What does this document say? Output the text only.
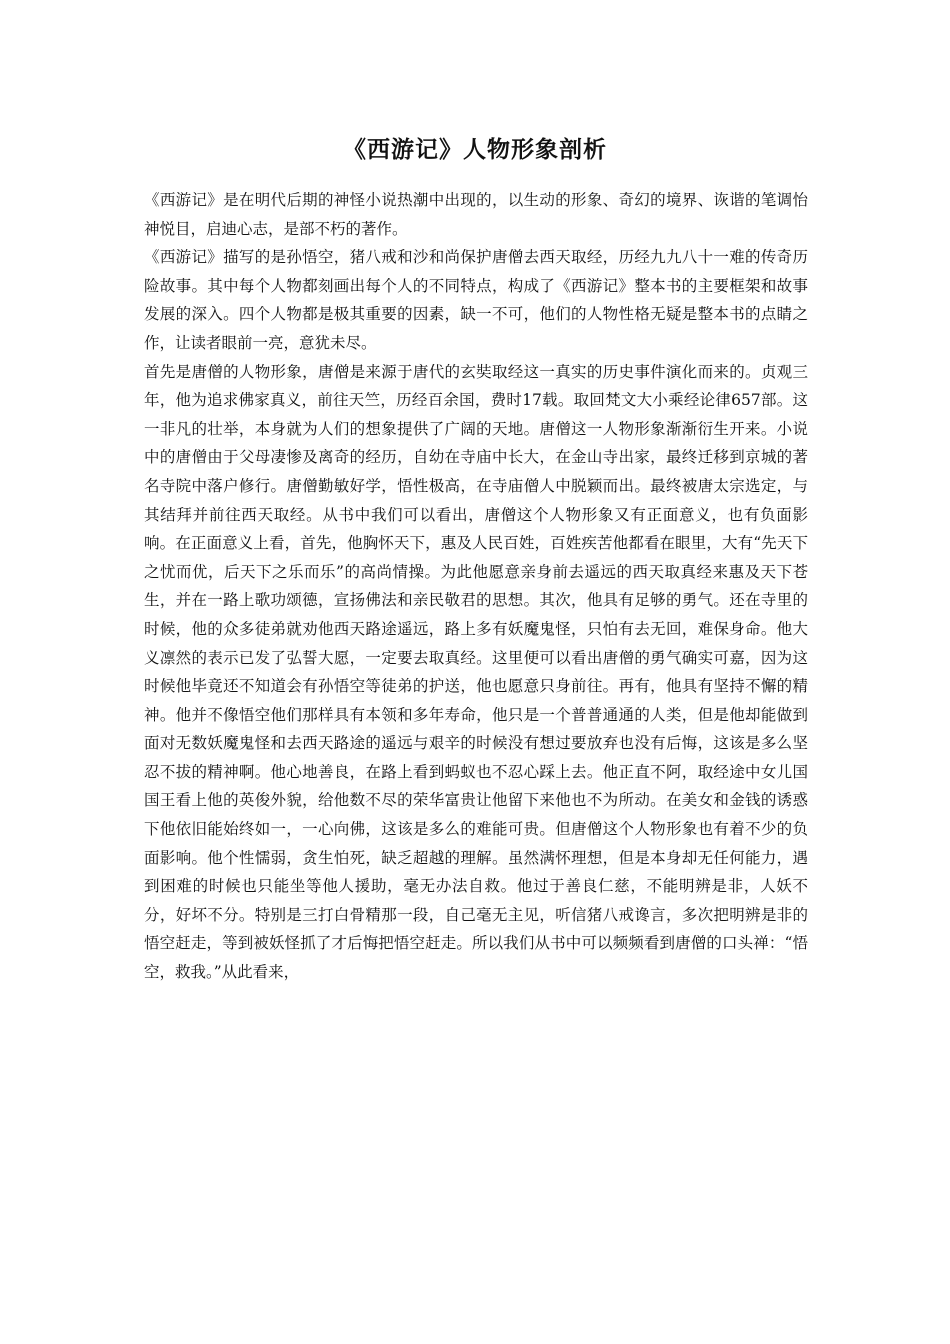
《西游记》人物形象剖析

《西游记》是在明代后期的神怪小说热潮中出现的，以生动的形象、奇幻的境界、诙谐的笔调怡神悦目，启迪心志，是部不朽的著作。

《西游记》描写的是孙悟空，猪八戒和沙和尚保护唐僧去西天取经，历经九九八十一难的传奇历险故事。其中每个人物都刻画出每个人的不同特点，构成了《西游记》整本书的主要框架和故事发展的深入。四个人物都是极其重要的因素，缺一不可，他们的人物性格无疑是整本书的点睛之作，让读者眼前一亮，意犹未尽。

首先是唐僧的人物形象，唐僧是来源于唐代的玄奘取经这一真实的历史事件演化而来的。贞观三年，他为追求佛家真义，前往天竺，历经百余国，费时17载。取回梵文大小乘经论律657部。这一非凡的壮举，本身就为人们的想象提供了广阔的天地。唐僧这一人物形象渐渐衍生开来。小说中的唐僧由于父母凄惨及离奇的经历，自幼在寺庙中长大，在金山寺出家，最终迁移到京城的著名寺院中落户修行。唐僧勤敏好学，悟性极高，在寺庙僧人中脱颖而出。最终被唐太宗选定，与其结拜并前往西天取经。从书中我们可以看出，唐僧这个人物形象又有正面意义，也有负面影响。在正面意义上看，首先，他胸怀天下，惠及人民百姓，百姓疾苦他都看在眼里，大有“先天下之忧而优，后天下之乐而乐”的高尚情操。为此他愿意亲身前去遥远的西天取真经来惠及天下苍生，并在一路上歌功颂德，宣扬佛法和亲民敬君的思想。其次，他具有足够的勇气。还在寺里的时候，他的众多徒弟就劝他西天路途遥远，路上多有妖魔鬼怪，只怕有去无回，难保身命。他大义凛然的表示已发了弘誓大愿，一定要去取真经。这里便可以看出唐僧的勇气确实可嘉，因为这时候他毕竟还不知道会有孙悟空等徒弟的护送，他也愿意只身前往。再有，他具有坚持不懈的精神。他并不像悟空他们那样具有本领和多年寿命，他只是一个普普通通的人类，但是他却能做到面对无数妖魔鬼怪和去西天路途的遥远与艰辛的时候没有想过要放弃也没有后悔，这该是多么坚忍不拔的精神啊。他心地善良，在路上看到蚂蚁也不忍心踩上去。他正直不阿，取经途中女儿国国王看上他的英俊外貌，给他数不尽的荣华富贵让他留下来他也不为所动。在美女和金钱的诱惑下他依旧能始终如一，一心向佛，这该是多么的难能可贵。但唐僧这个人物形象也有着不少的负面影响。他个性懦弱，贪生怕死，缺乏超越的理解。虽然满怀理想，但是本身却无任何能力，遇到困难的时候也只能坐等他人援助，毫无办法自救。他过于善良仁慈，不能明辨是非，人妖不分，好坏不分。特别是三打白骨精那一段，自己毫无主见，听信猪八戒谗言，多次把明辨是非的悟空赶走，等到被妖怪抓了才后悔把悟空赶走。所以我们从书中可以频频看到唐僧的口头禅：“悟空，救我。”从此看来，
